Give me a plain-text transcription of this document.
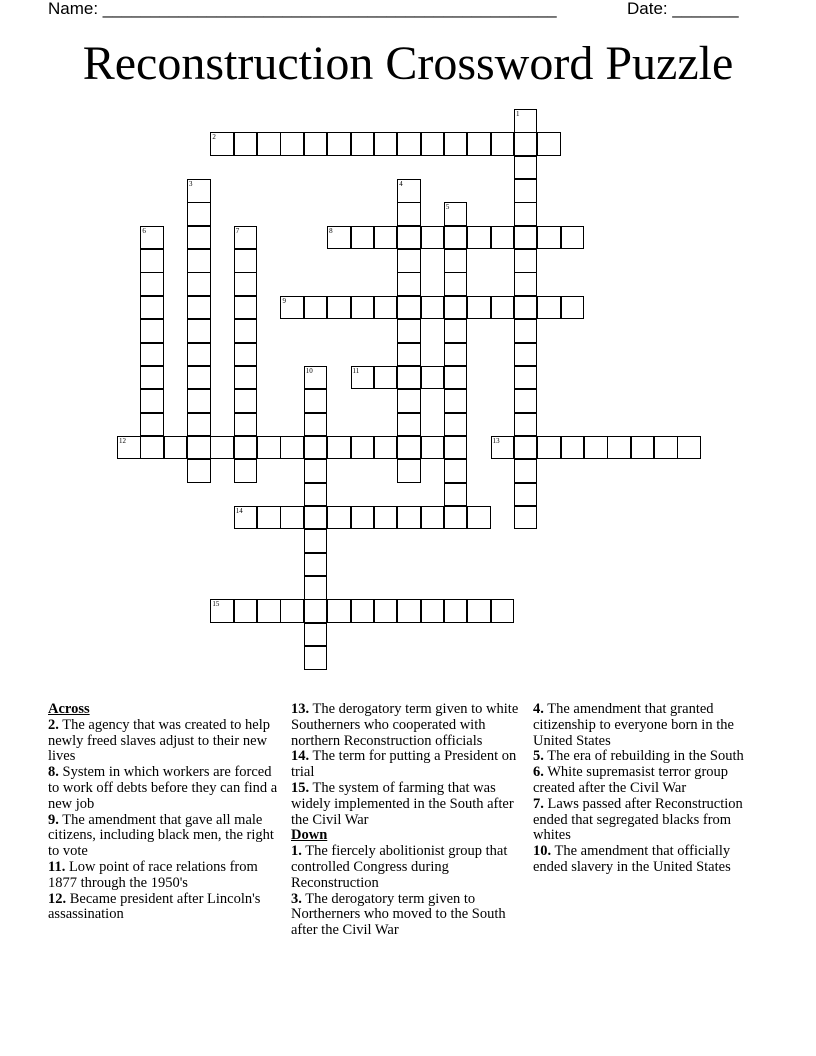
Name: ________________________________________________	Date: _______
Reconstruction Crossword Puzzle
1
2
3	4
5
6	7	8
9
10	11
12	13
14
15
Across
2. The agency that was created to help newly freed slaves adjust to their new lives
8. System in which workers are forced to work off debts before they can find a new job
9. The amendment that gave all male citizens, including black men, the right to vote
11. Low point of race relations from 1877 through the 1950's
12. Became president after Lincoln's assassination
13. The derogatory term given to white Southerners who cooperated with northern Reconstruction officials
14. The term for putting a President on trial
15. The system of farming that was widely implemented in the South after the Civil War
Down
1. The fiercely abolitionist group that controlled Congress during Reconstruction
3. The derogatory term given to Northerners who moved to the South after the Civil War
4. The amendment that granted citizenship to everyone born in the United States
5. The era of rebuilding in the South
6. White supremasist terror group created after the Civil War
7. Laws passed after Reconstruction ended that segregated blacks from whites
10. The amendment that officially ended slavery in the United States
